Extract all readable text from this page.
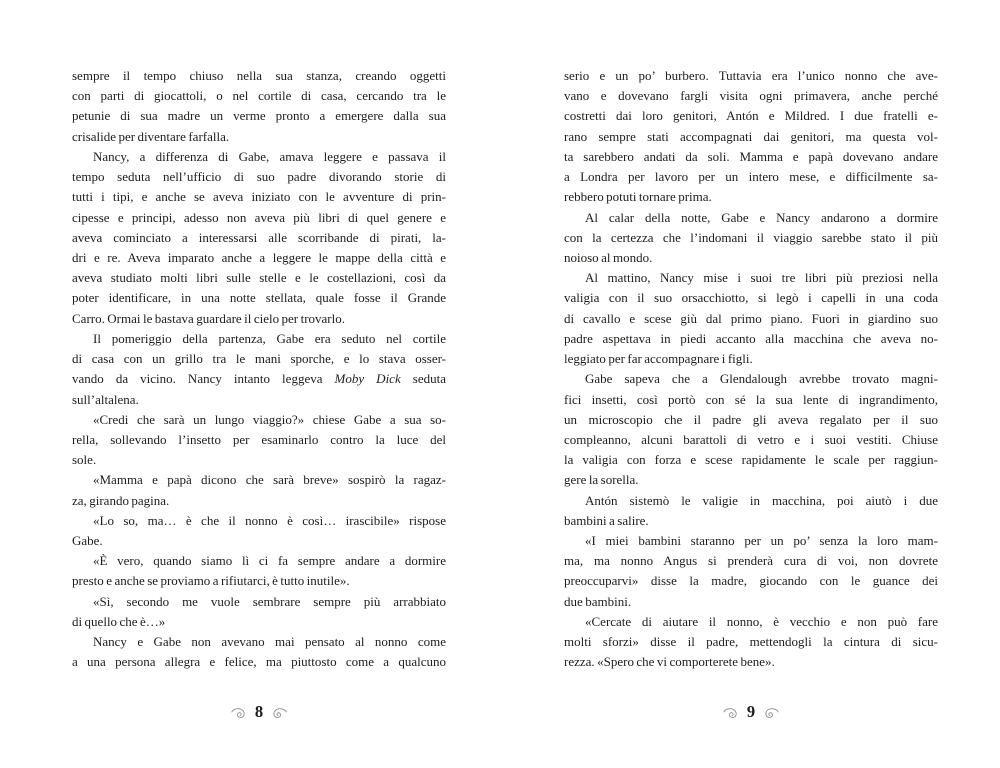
sempre il tempo chiuso nella sua stanza, creando oggetti
con parti di giocattoli, o nel cortile di casa, cercando tra le
petunie di sua madre un verme pronto a emergere dalla sua
crisalide per diventare farfalla.
Nancy, a differenza di Gabe, amava leggere e passava il
tempo seduta nell’ufficio di suo padre divorando storie di
tutti i tipi, e anche se aveva iniziato con le avventure di prin-
cipesse e principi, adesso non aveva più libri di quel genere e
aveva cominciato a interessarsi alle scorribande di pirati, la-
dri e re. Aveva imparato anche a leggere le mappe della città e
aveva studiato molti libri sulle stelle e le costellazioni, così da
poter identificare, in una notte stellata, quale fosse il Grande
Carro. Ormai le bastava guardare il cielo per trovarlo.
Il pomeriggio della partenza, Gabe era seduto nel cortile
di casa con un grillo tra le mani sporche, e lo stava osser-
vando da vicino. Nancy intanto leggeva Moby Dick seduta
sull’altalena.
«Credi che sarà un lungo viaggio?» chiese Gabe a sua so-
rella, sollevando l’insetto per esaminarlo contro la luce del
sole.
«Mamma e papà dicono che sarà breve» sospirò la ragaz-
za, girando pagina.
«Lo so, ma… è che il nonno è così… irascibile» rispose
Gabe.
«È vero, quando siamo lì ci fa sempre andare a dormire
presto e anche se proviamo a rifiutarci, è tutto inutile».
«Sì, secondo me vuole sembrare sempre più arrabbiato
di quello che è…»
Nancy e Gabe non avevano mai pensato al nonno come
a una persona allegra e felice, ma piuttosto come a qualcuno
8
serio e un po’ burbero. Tuttavia era l’unico nonno che ave-
vano e dovevano fargli visita ogni primavera, anche perché
costretti dai loro genitori, Antón e Mildred. I due fratelli e-
rano sempre stati accompagnati dai genitori, ma questa vol-
ta sarebbero andati da soli. Mamma e papà dovevano andare
a Londra per lavoro per un intero mese, e difficilmente sa-
rebbero potuti tornare prima.
Al calar della notte, Gabe e Nancy andarono a dormire
con la certezza che l’indomani il viaggio sarebbe stato il più
noioso al mondo.
Al mattino, Nancy mise i suoi tre libri più preziosi nella
valigia con il suo orsacchiotto, si legò i capelli in una coda
di cavallo e scese giù dal primo piano. Fuori in giardino suo
padre aspettava in piedi accanto alla macchina che aveva no-
leggiato per far accompagnare i figli.
Gabe sapeva che a Glendalough avrebbe trovato magni-
fici insetti, così portò con sé la sua lente di ingrandimento,
un microscopio che il padre gli aveva regalato per il suo
compleanno, alcuni barattoli di vetro e i suoi vestiti. Chiuse
la valigia con forza e scese rapidamente le scale per raggiun-
gere la sorella.
Antón sistemò le valigie in macchina, poi aiutò i due
bambini a salire.
«I miei bambini staranno per un po’ senza la loro mam-
ma, ma nonno Angus si prenderà cura di voi, non dovrete
preoccuparvi» disse la madre, giocando con le guance dei
due bambini.
«Cercate di aiutare il nonno, è vecchio e non può fare
molti sforzi» disse il padre, mettendogli la cintura di sicu-
rezza. «Spero che vi comporterete bene».
9
